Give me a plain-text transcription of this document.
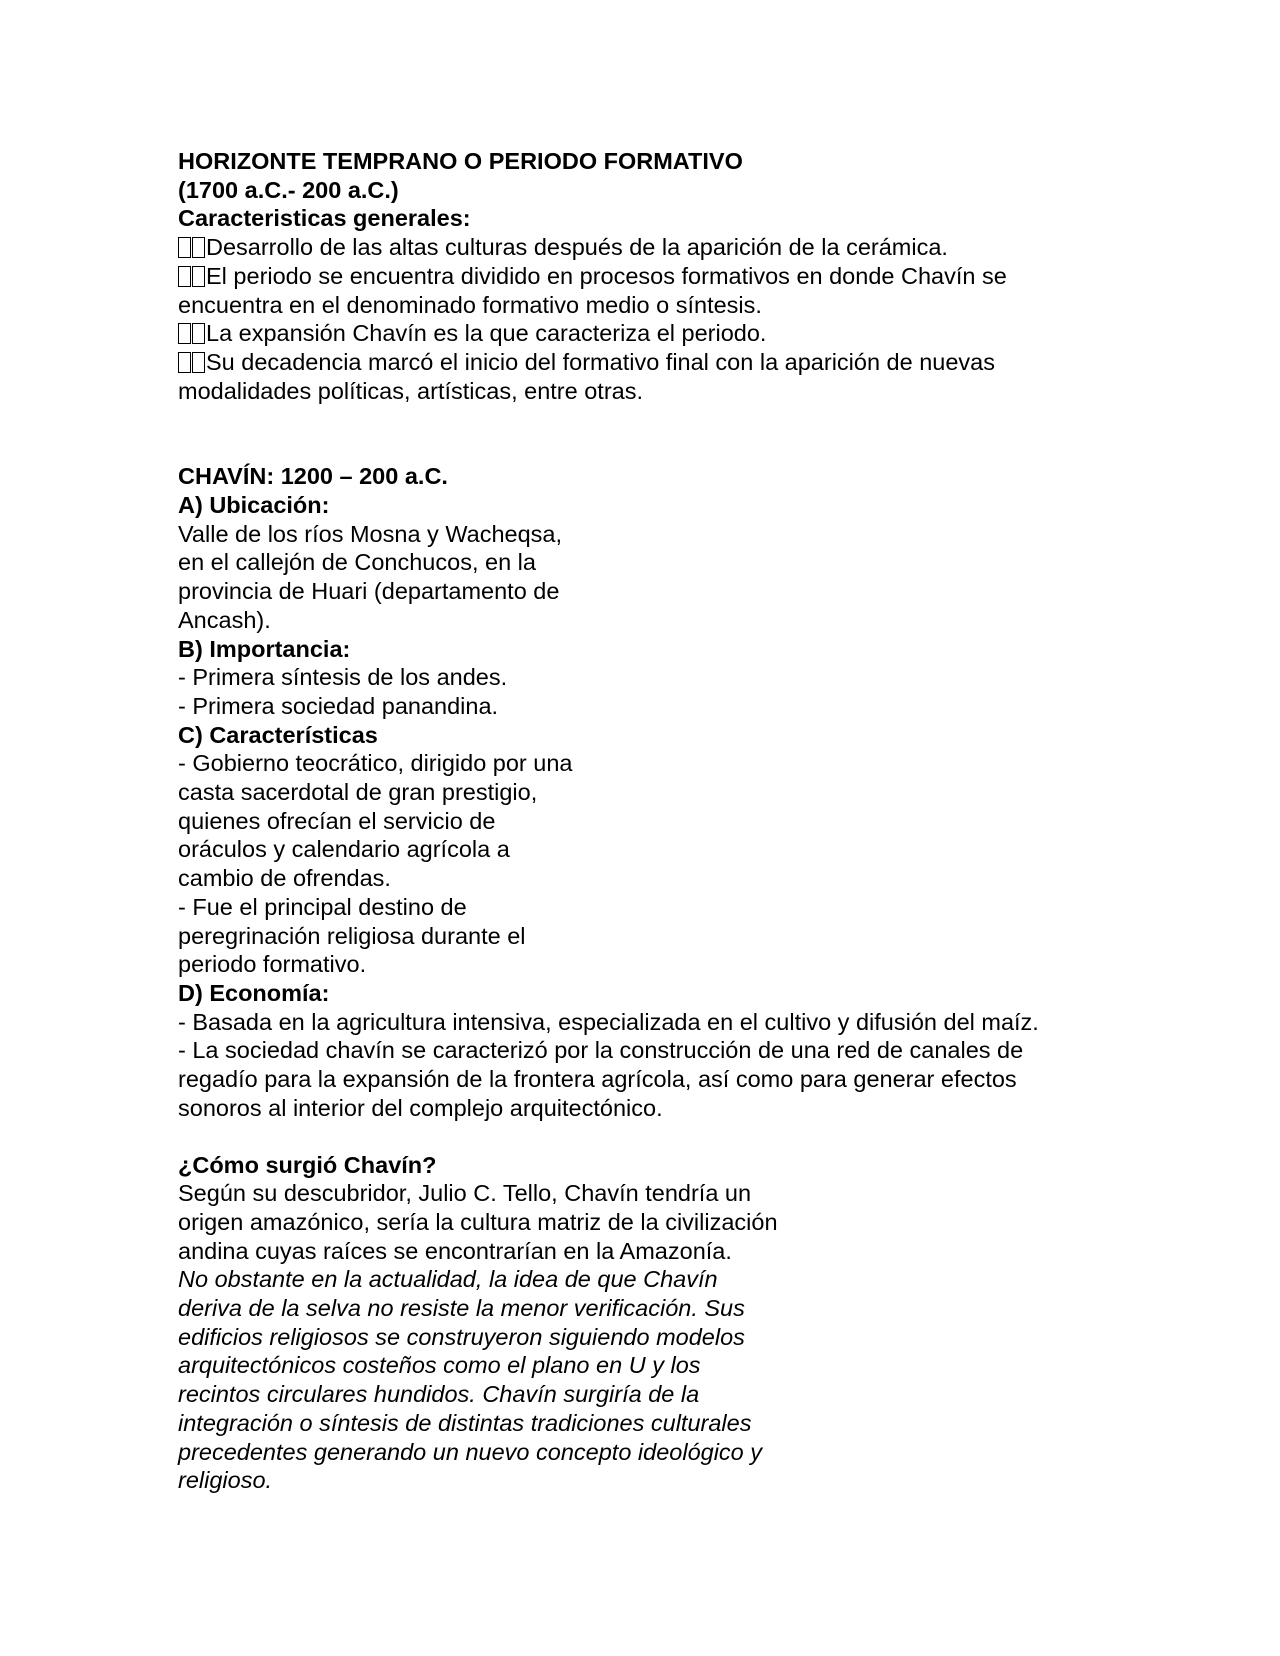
HORIZONTE TEMPRANO O PERIODO FORMATIVO
(1700 a.C.- 200 a.C.)
Caracteristicas generales:
Desarrollo de las altas culturas después de la aparición de la cerámica.
El periodo se encuentra dividido en procesos formativos en donde Chavín se
encuentra en el denominado formativo medio o síntesis.
La expansión Chavín es la que caracteriza el periodo.
Su decadencia marcó el inicio del formativo final con la aparición de nuevas
modalidades políticas, artísticas, entre otras.
CHAVÍN: 1200 – 200 a.C.
A) Ubicación:
Valle de los ríos Mosna y Wacheqsa,
en el callejón de Conchucos, en la
provincia de Huari (departamento de
Ancash).
B) Importancia:
- Primera síntesis de los andes.
- Primera sociedad panandina.
C) Características
- Gobierno teocrático, dirigido por una
casta sacerdotal de gran prestigio,
quienes ofrecían el servicio de
oráculos y calendario agrícola a
cambio de ofrendas.
- Fue el principal destino de
peregrinación religiosa durante el
periodo formativo.
D) Economía:
- Basada en la agricultura intensiva, especializada en el cultivo y difusión del maíz.
- La sociedad chavín se caracterizó por la construcción de una red de canales de
regadío para la expansión de la frontera agrícola, así como para generar efectos
sonoros al interior del complejo arquitectónico.
¿Cómo surgió Chavín?
Según su descubridor, Julio C. Tello, Chavín tendría un
origen amazónico, sería la cultura matriz de la civilización
andina cuyas raíces se encontrarían en la Amazonía.
No obstante en la actualidad, la idea de que Chavín
deriva de la selva no resiste la menor verificación. Sus
edificios religiosos se construyeron siguiendo modelos
arquitectónicos costeños como el plano en U y los
recintos circulares hundidos. Chavín surgiría de la
integración o síntesis de distintas tradiciones culturales
precedentes generando un nuevo concepto ideológico y
religioso.
